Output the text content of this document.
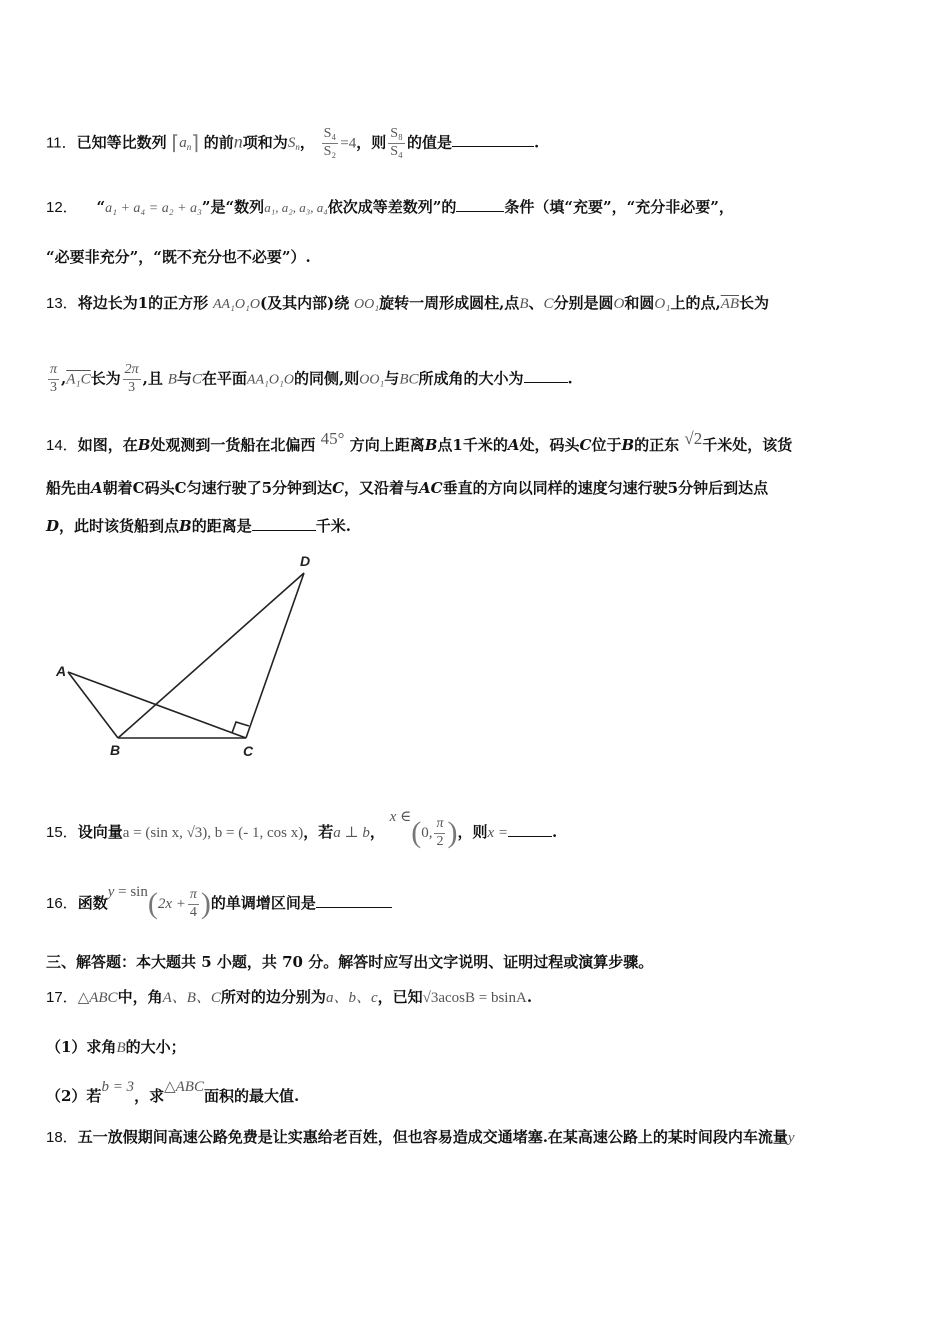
11．已知等比数列 $⌈a_n⌉$ 的前n项和为$S_n$， $\frac{\text{S₄}}{\text{S₂}} =4$，则 $\frac{\text{S₈}}{\text{S₄}}$ 的值是	.
12． “a₁ + a₄ = a₂ + a₃”是“数列a₁, a₂, a₃, a₄依次成等差数列”的	条件（填“充要”，“充分非必要”，
“必要非充分”，“既不充分也不必要”）.
13．将边长为1的正方形 AA₁O₁O(及其内部)绕 OO₁旋转一周形成圆柱,点B、C分别是圆O和圆O₁上的点$,\overline{AB}$长为
$\frac{\pi}{3} ,A_1C$长为 $\frac{2\pi}{3}$ ,且 B与C在平面AA₁O₁O的同侧,则OO₁与BC所成角的大小为	.
14．如图，在B处观测到一货船在北偏西 45° 方向上距离B点1千米的A处，码头C位于B的正东 √2千米处，该货
船先由A朝着C码头C匀速行驶了5分钟到达C，又沿着与AC垂直的方向以同样的速度匀速行驶5分钟后到达点
D，此时该货船到点B的距离是	千米.
A
B	C
D
15．设向量a = (sin x, √3), b = (- 1, cos x)，若a ⊥ b， x ∈(0, $\frac{\pi}{2}$ )，则x =	.
16．函数$y = \sin(2x + \frac{\pi}{4}$ )的单调增区间是
三、解答题：本大题共 5 小题，共 70 分。解答时应写出文字说明、证明过程或演算步骤。
17．△ABC中，角A、B、C所对的边分别为a、b、c，已知√3acosB = bsinA.
（1）求角B的大小；
（2）若b = 3，求△ABC面积的最大值.
18．五一放假期间高速公路免费是让实惠给老百姓，但也容易造成交通堵塞.在某高速公路上的某时间段内车流量y
